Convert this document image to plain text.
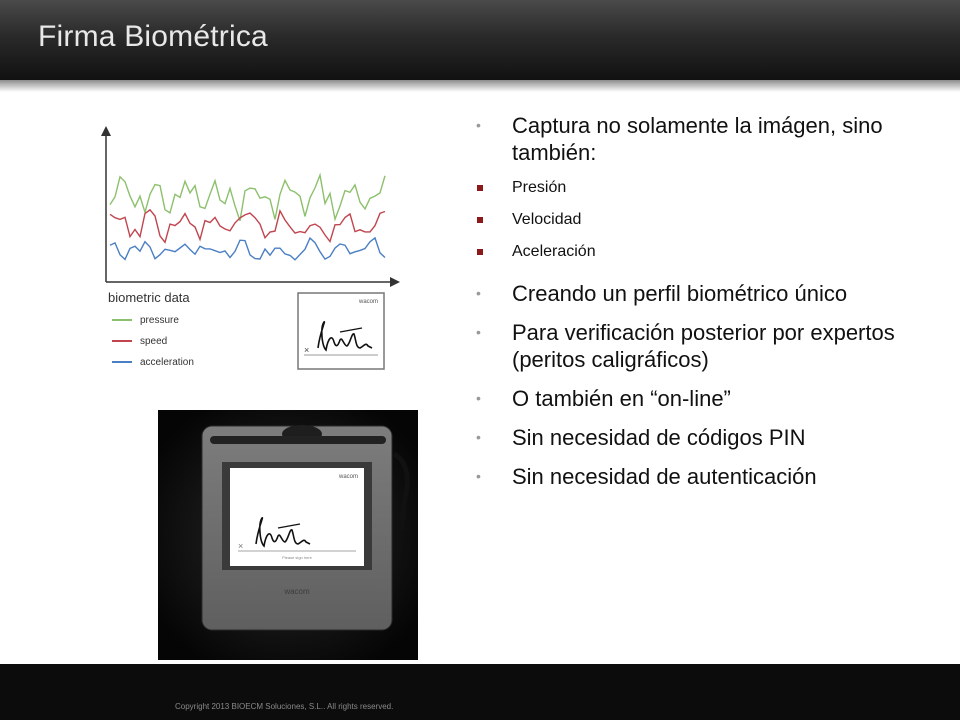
Firma Biométrica
biometric data
pressure
speed
acceleration
wacom
×
wacom
×
Please sign here
wacom
• Captura no solamente la imágen, sino también:
Presión
Velocidad
Aceleración
• Creando un perfil biométrico único
• Para verificación posterior por expertos (peritos caligráficos)
• O también en “on-line”
• Sin necesidad de códigos PIN
• Sin necesidad de autenticación
Copyright 2013 BIOECM Soluciones, S.L.. All rights reserved.
